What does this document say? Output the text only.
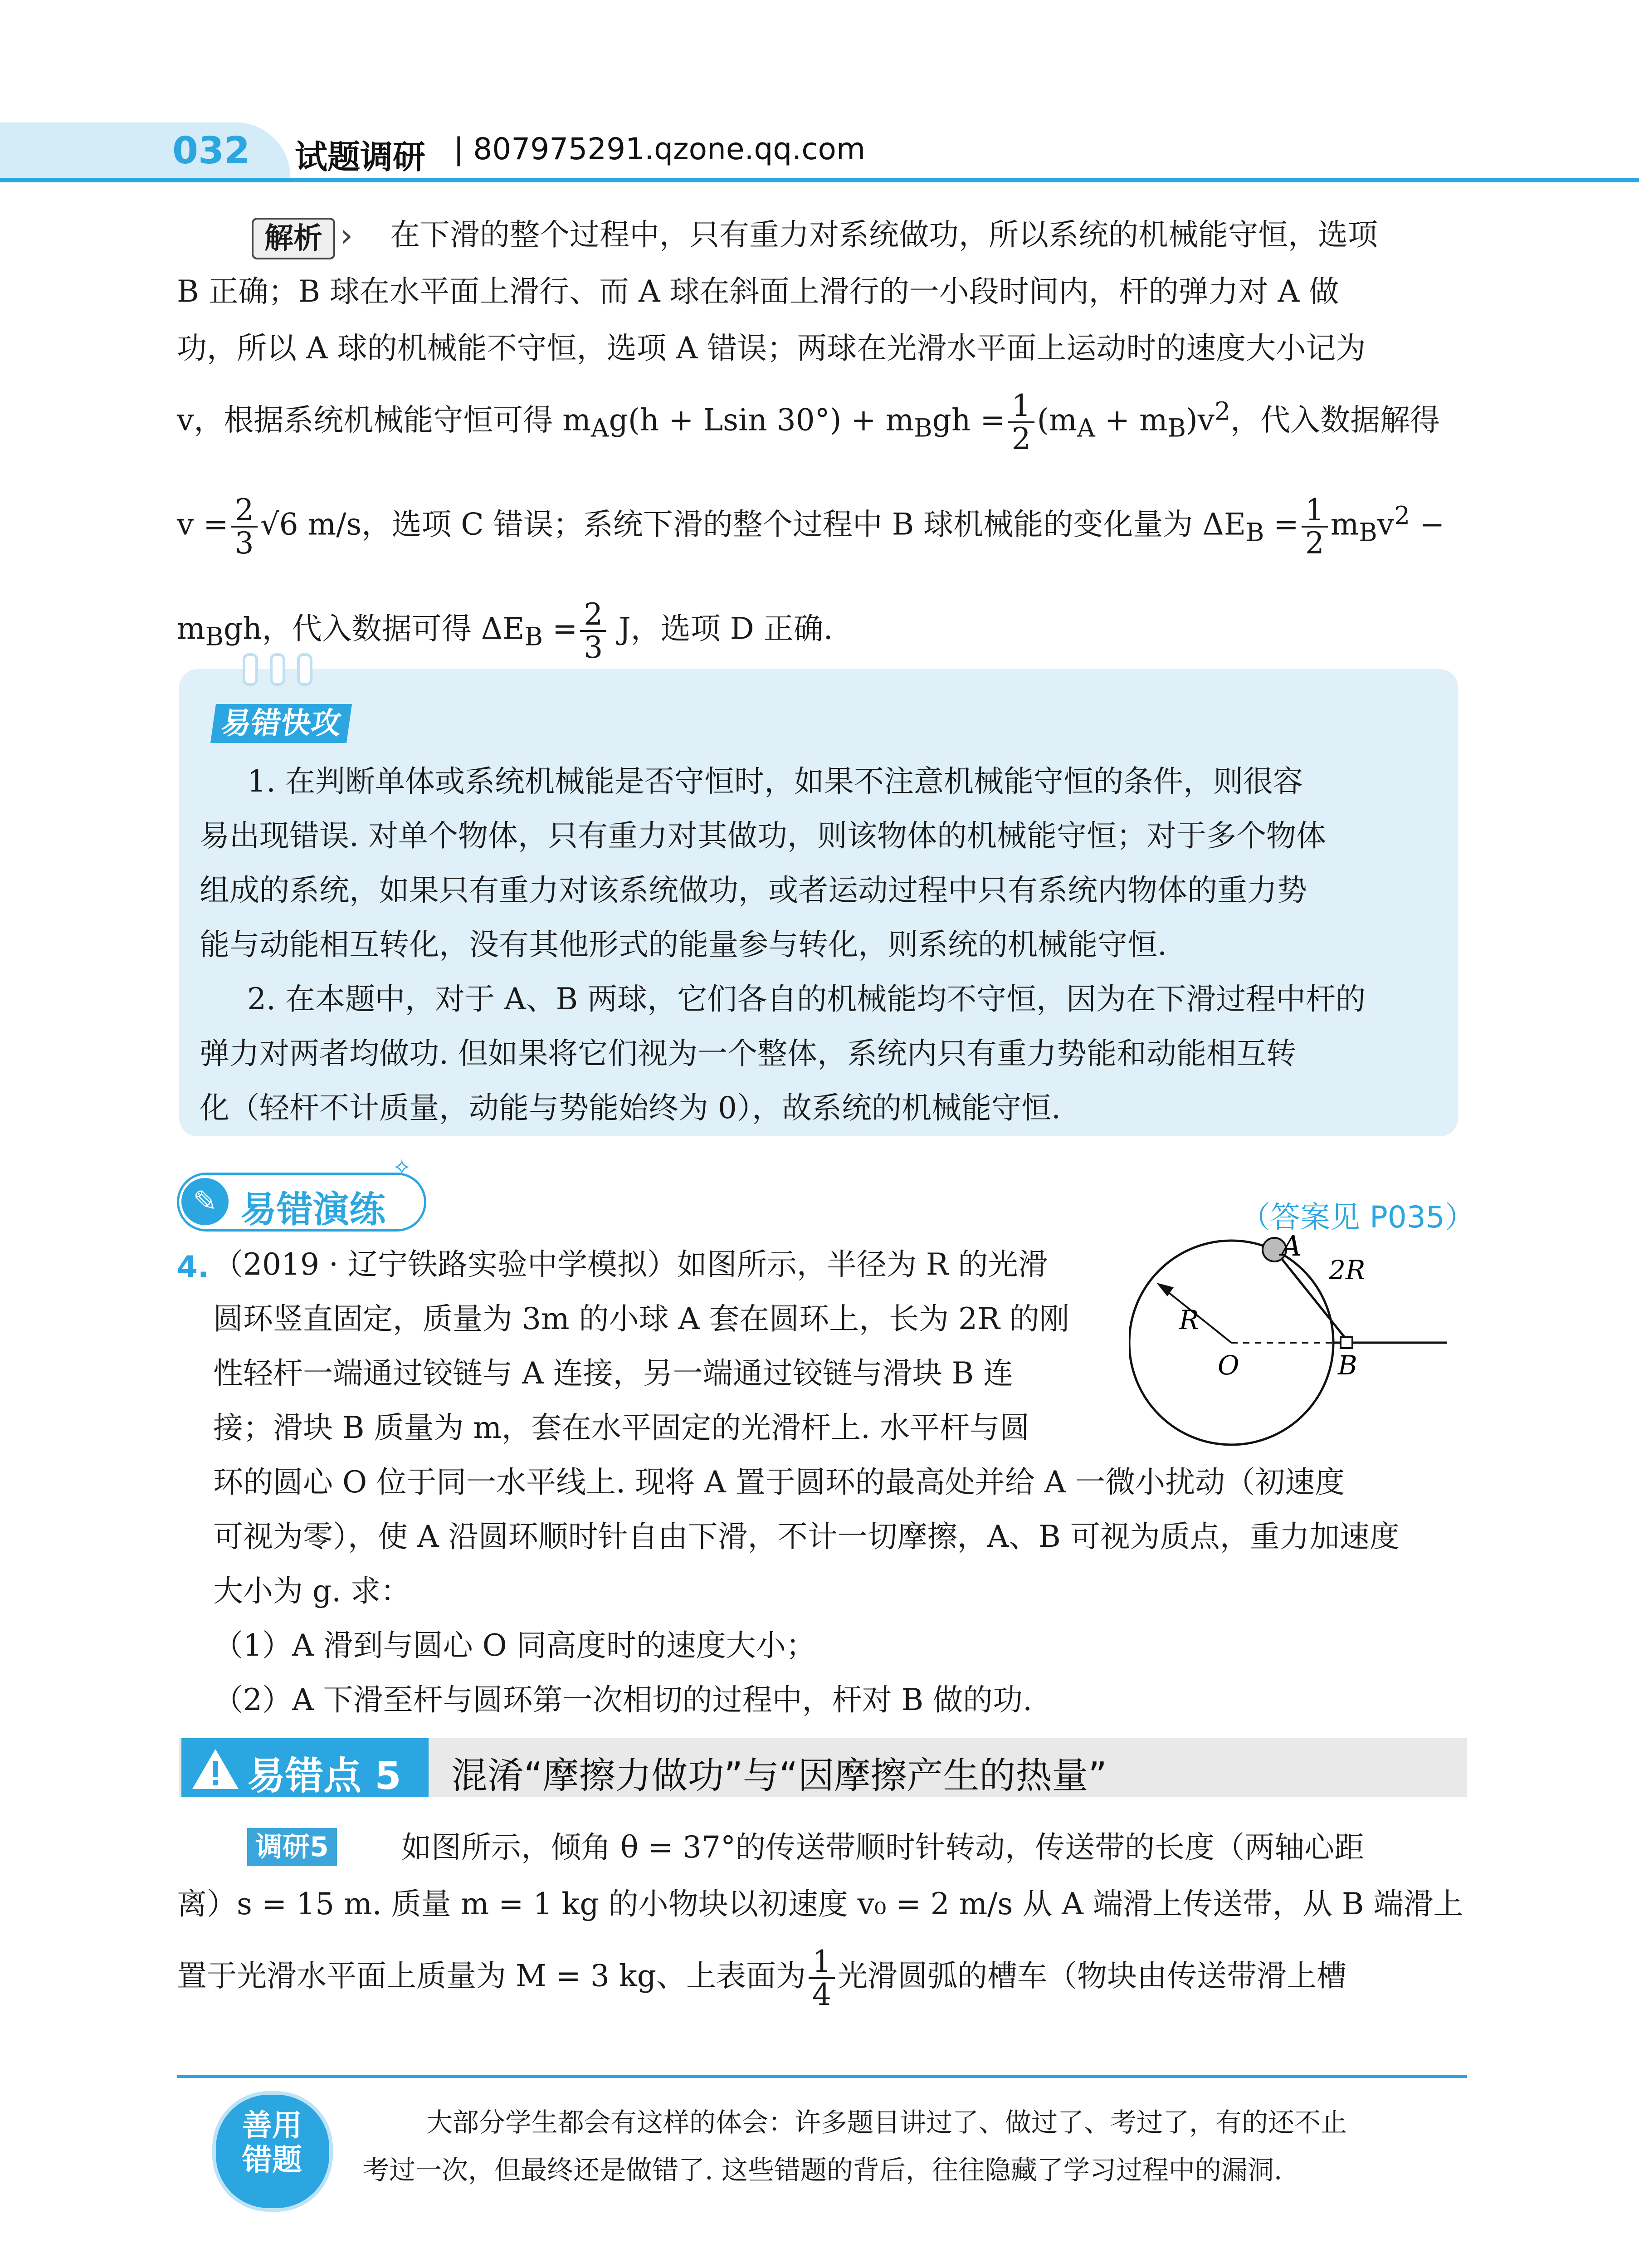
032 试题调研 | 807975291.qzone.qq.com
解析 › 在下滑的整个过程中，只有重力对系统做功，所以系统的机械能守恒，选项
B 正确；B 球在水平面上滑行、而 A 球在斜面上滑行的一小段时间内，杆的弹力对 A 做
功，所以 A 球的机械能不守恒，选项 A 错误；两球在光滑水平面上运动时的速度大小记为
v，根据系统机械能守恒可得 $m_Ag(h + Lsin$ $30^\circ) + m_Bgh = \frac{1}{2} (m_A + m_B)v^2$，代入数据解得
$v = \frac{2}{3} √6$ m/s，选项 C 错误；系统下滑的整个过程中 B 球机械能的变化量为 $\Delta E_B = \frac{1}{2} m_Bv^2$ −
$m_Bgh$，代入数据可得 $\Delta E_B = \frac{2}{3}$ J，选项 D 正确.
易错快攻
1. 在判断单体或系统机械能是否守恒时，如果不注意机械能守恒的条件，则很容
易出现错误. 对单个物体，只有重力对其做功，则该物体的机械能守恒；对于多个物体
组成的系统，如果只有重力对该系统做功，或者运动过程中只有系统内物体的重力势
能与动能相互转化，没有其他形式的能量参与转化，则系统的机械能守恒.
2. 在本题中，对于 A、B 两球，它们各自的机械能均不守恒，因为在下滑过程中杆的
弹力对两者均做功. 但如果将它们视为一个整体，系统内只有重力势能和动能相互转
化（轻杆不计质量，动能与势能始终为 0），故系统的机械能守恒.
✎ 易错演练
✧
（答案见 P035）
4. （2019 · 辽宁铁路实验中学模拟）如图所示，半径为 R 的光滑
圆环竖直固定，质量为 3m 的小球 A 套在圆环上，长为 2R 的刚
性轻杆一端通过铰链与 A 连接，另一端通过铰链与滑块 B 连
接；滑块 B 质量为 m，套在水平固定的光滑杆上. 水平杆与圆
环的圆心 O 位于同一水平线上. 现将 A 置于圆环的最高处并给 A 一微小扰动（初速度
可视为零），使 A 沿圆环顺时针自由下滑，不计一切摩擦，A、B 可视为质点，重力加速度
大小为 g. 求：
（1）A 滑到与圆心 O 同高度时的速度大小；
（2）A 下滑至杆与圆环第一次相切的过程中，杆对 B 做的功.
A
2R
R
O	B
易错点 5 混淆“摩擦力做功”与“因摩擦产生的热量”
调研5 如图所示，倾角 θ = 37°的传送带顺时针转动，传送带的长度（两轴心距
离）s = 15 m. 质量 m = 1 kg 的小物块以初速度 v₀ = 2 m/s 从 A 端滑上传送带，从 B 端滑上
置于光滑水平面上质量为 M = 3 kg、上表面为 $\frac{1}{4}$ 光滑圆弧的槽车（物块由传送带滑上槽
善用
错题
大部分学生都会有这样的体会：许多题目讲过了、做过了、考过了，有的还不止
考过一次，但最终还是做错了. 这些错题的背后，往往隐藏了学习过程中的漏洞.
